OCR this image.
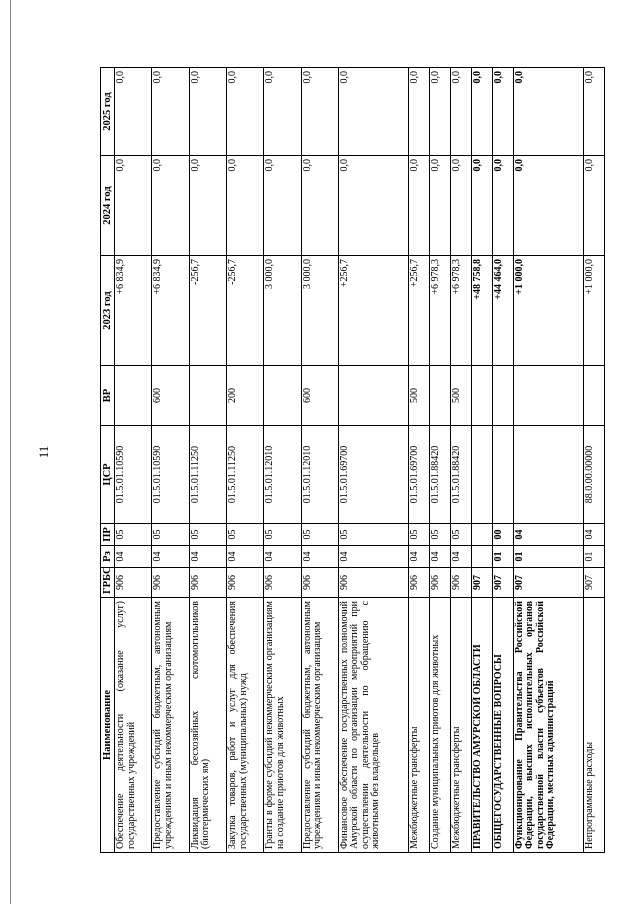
11
Наименование	ГРБС	Рз	ПР	ЦСР	ВР	2023 год	2024 год	2025 год
Обеспечение деятельности (оказание услуг) государственных учреждений	906	04	05	01.5.01.10590		+6 834,9	0,0	0,0
Предоставление субсидий бюджетным, автономным учреждениям и иным некоммерческим организациям	906	04	05	01.5.01.10590	600	+6 834,9	0,0	0,0
Ликвидация бесхозяйных скотомогильников (биотермических ям)	906	04	05	01.5.01.11250		-256,7	0,0	0,0
Закупка товаров, работ и услуг для обеспечения государственных (муниципальных) нужд	906	04	05	01.5.01.11250	200	-256,7	0,0	0,0
Гранты в форме субсидий некоммерческим организациям на создание приютов для животных	906	04	05	01.5.01.12010		3 000,0	0,0	0,0
Предоставление субсидий бюджетным, автономным учреждениям и иным некоммерческим организациям	906	04	05	01.5.01.12010	600	3 000,0	0,0	0,0
Финансовое обеспечение государственных полномочий Амурской области по организации мероприятий при осуществлении деятельности по обращению с животными без владельцев	906	04	05	01.5.01.69700		+256,7	0,0	0,0
Межбюджетные трансферты	906	04	05	01.5.01.69700	500	+256,7	0,0	0,0
Создание муниципальных приютов для животных	906	04	05	01.5.01.88420		+6 978,3	0,0	0,0
Межбюджетные трансферты	906	04	05	01.5.01.88420	500	+6 978,3	0,0	0,0
ПРАВИТЕЛЬСТВО АМУРСКОЙ ОБЛАСТИ	907					+48 758,8	0,0	0,0
ОБЩЕГОСУДАРСТВЕННЫЕ ВОПРОСЫ	907	01	00			+44 464,0	0,0	0,0
Функционирование Правительства Российской Федерации, высших исполнительных органов государственной власти субъектов Российской Федерации, местных администраций	907	01	04			+1 000,0	0,0	0,0
Непрограммные расходы	907	01	04	88.0.00.00000		+1 000,0	0,0	0,0
